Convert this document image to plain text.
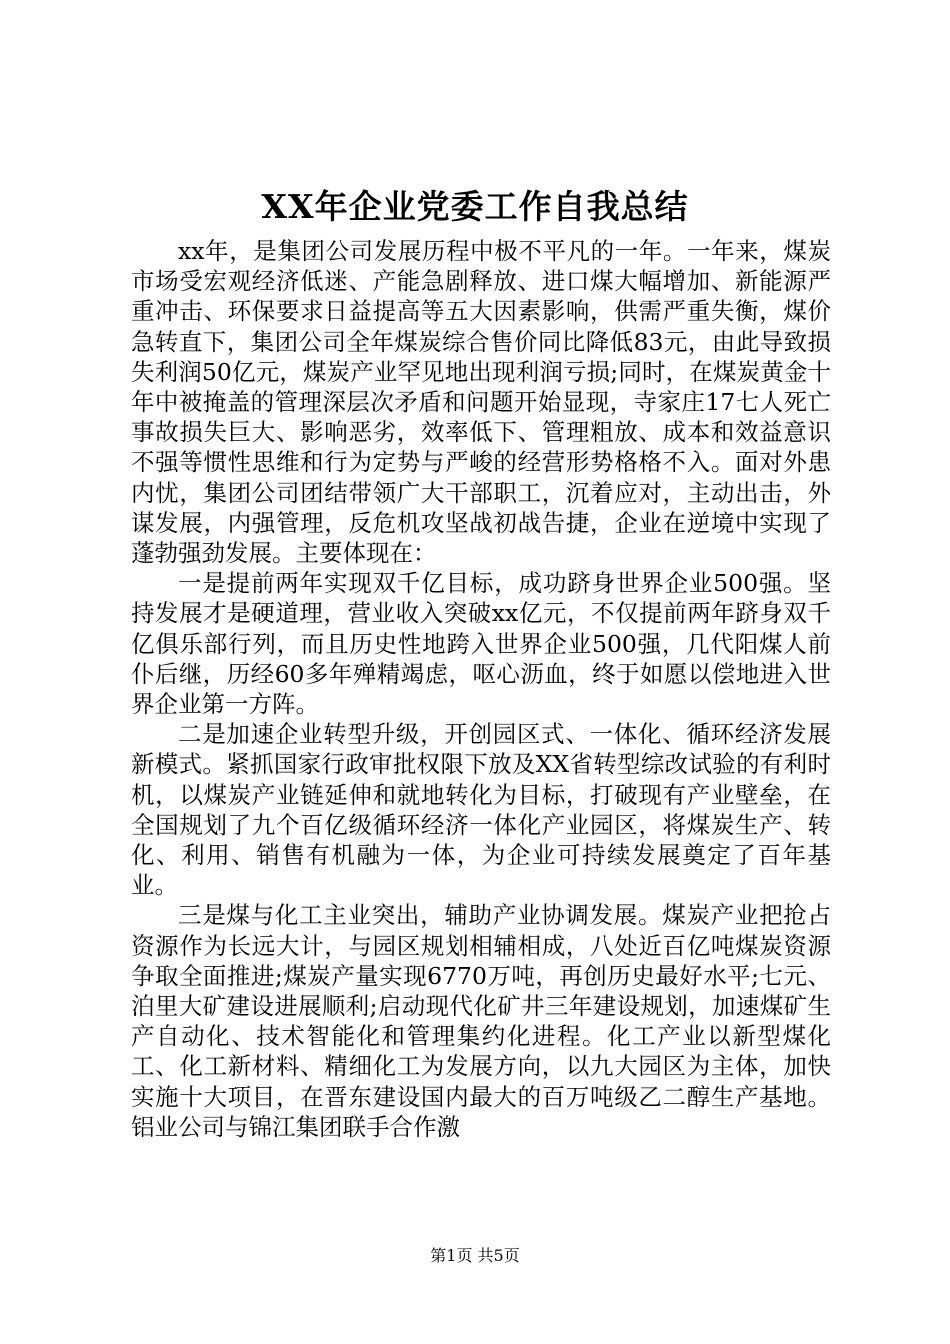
XX年企业党委工作自我总结

xx年，是集团公司发展历程中极不平凡的一年。一年来，煤炭市场受宏观经济低迷、产能急剧释放、进口煤大幅增加、新能源严重冲击、环保要求日益提高等五大因素影响，供需严重失衡，煤价急转直下，集团公司全年煤炭综合售价同比降低83元，由此导致损失利润50亿元，煤炭产业罕见地出现利润亏损;同时，在煤炭黄金十年中被掩盖的管理深层次矛盾和问题开始显现，寺家庄17七人死亡事故损失巨大、影响恶劣，效率低下、管理粗放、成本和效益意识不强等惯性思维和行为定势与严峻的经营形势格格不入。面对外患内忧，集团公司团结带领广大干部职工，沉着应对，主动出击，外谋发展，内强管理，反危机攻坚战初战告捷，企业在逆境中实现了蓬勃强劲发展。主要体现在：

一是提前两年实现双千亿目标，成功跻身世界企业500强。坚持发展才是硬道理，营业收入突破xx亿元，不仅提前两年跻身双千亿俱乐部行列，而且历史性地跨入世界企业500强，几代阳煤人前仆后继，历经60多年殚精竭虑，呕心沥血，终于如愿以偿地进入世界企业第一方阵。

二是加速企业转型升级，开创园区式、一体化、循环经济发展新模式。紧抓国家行政审批权限下放及XX省转型综改试验的有利时机，以煤炭产业链延伸和就地转化为目标，打破现有产业壁垒，在全国规划了九个百亿级循环经济一体化产业园区，将煤炭生产、转化、利用、销售有机融为一体，为企业可持续发展奠定了百年基业。

三是煤与化工主业突出，辅助产业协调发展。煤炭产业把抢占资源作为长远大计，与园区规划相辅相成，八处近百亿吨煤炭资源争取全面推进;煤炭产量实现6770万吨，再创历史最好水平;七元、泊里大矿建设进展顺利;启动现代化矿井三年建设规划，加速煤矿生产自动化、技术智能化和管理集约化进程。化工产业以新型煤化工、化工新材料、精细化工为发展方向，以九大园区为主体，加快实施十大项目，在晋东建设国内最大的百万吨级乙二醇生产基地。铝业公司与锦江集团联手合作激

第1页 共5页
